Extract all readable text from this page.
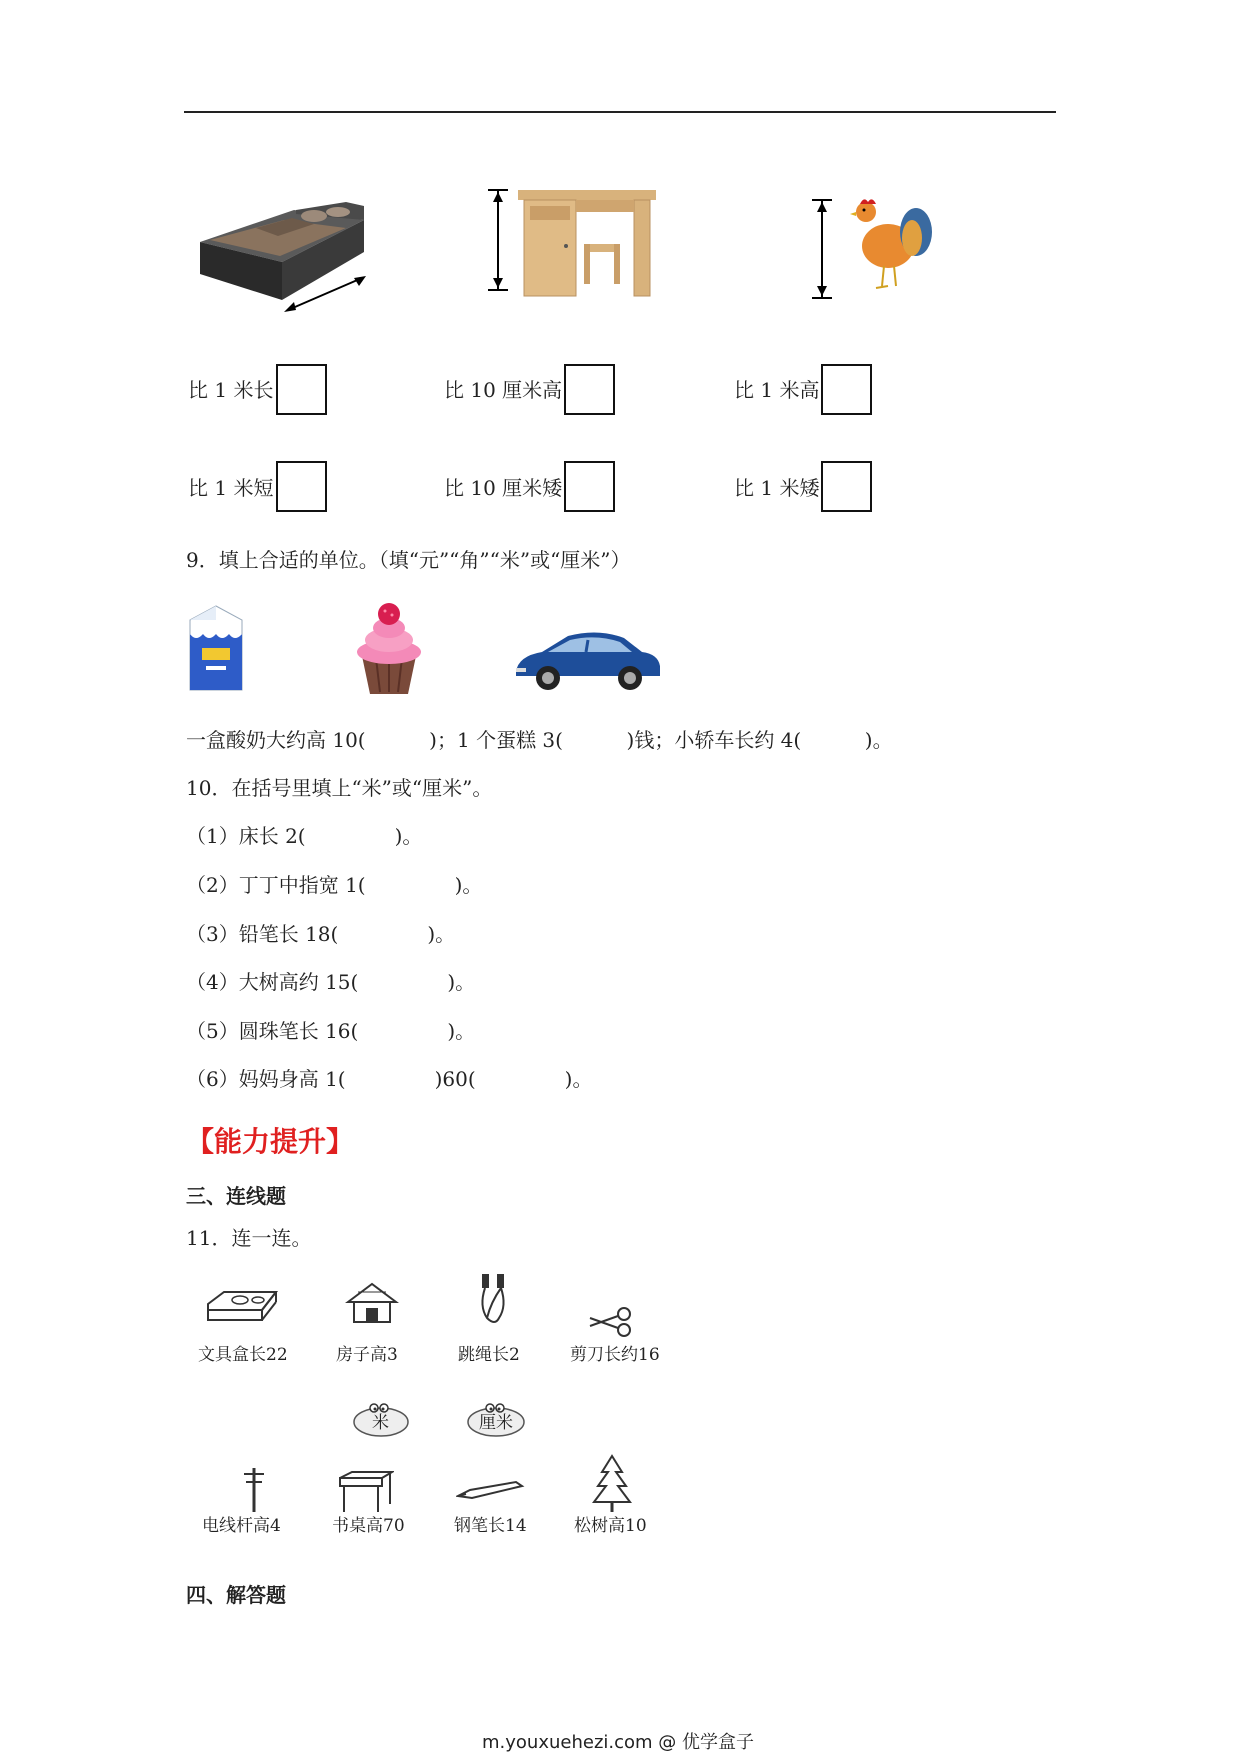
比 1 米长	比 10 厘米高	比 1 米高
比 1 米短	比 10 厘米矮	比 1 米矮
9．填上合适的单位。（填“元”“角”“米”或“厘米”）
一盒酸奶大约高 10(          )；1 个蛋糕 3(          )钱；小轿车长约 4(          )。
10．在括号里填上“米”或“厘米”。
（1）床长 2(              )。
（2）丁丁中指宽 1(              )。
（3）铅笔长 18(              )。
（4）大树高约 15(              )。
（5）圆珠笔长 16(              )。
（6）妈妈身高 1(              )60(              )。
【能力提升】
三、连线题
11．连一连。
文具盒长22	房子高3	跳绳长2	剪刀长约16
米	厘米
电线杆高4	书桌高70	钢笔长14	松树高10
四、解答题
m.youxuehezi.com @ 优学盒子
